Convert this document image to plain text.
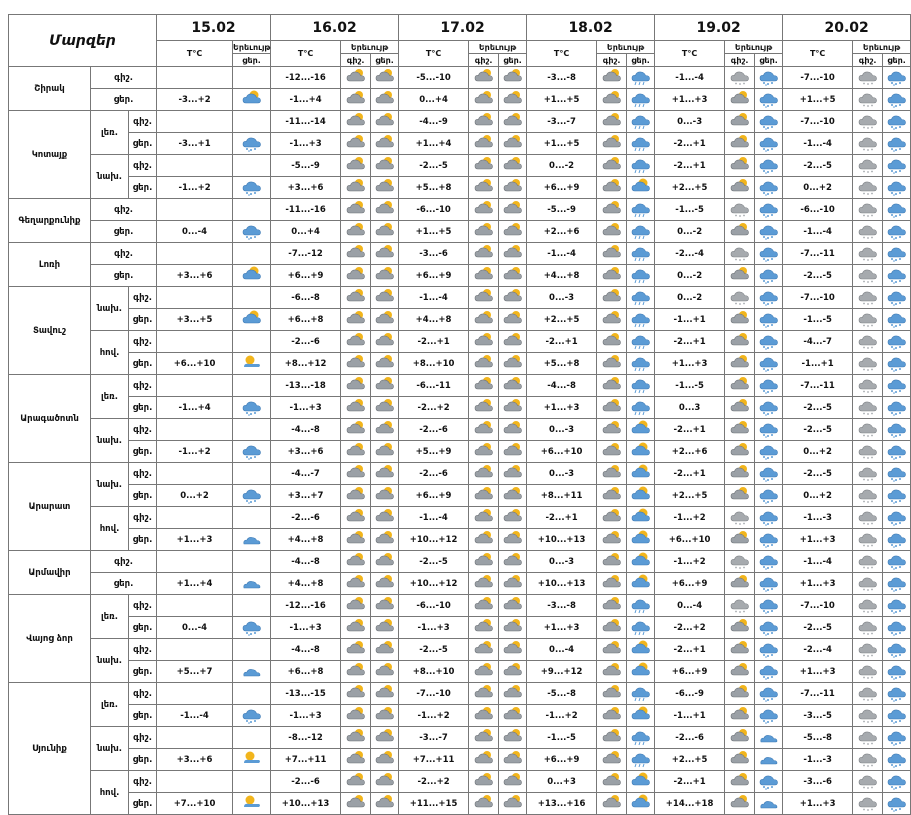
Մարզեր			15.02		16.02			17.02			18.02			19.02			20.02		
			T°C	Երեւույթ	T°C	Երեւույթ		T°C	Երեւույթ		T°C	Երեւույթ		T°C	Երեւույթ		T°C	Երեւույթ	
				ցեր.		գիշ.	ցեր.		գիշ.	ցեր.		գիշ.	ցեր.		գիշ.	ցեր.		գիշ.	ցեր.
Շիրակ	գիշ.				-12...-16			-5...-10			-3...-8			-1...-4			-7...-10		
	ցեր.		-3...+2		-1...+4			0...+4			+1...+5			+1...+3			+1...+5		
Կոտայք	լեռ.	գիշ.			-11...-14			-4...-9			-3...-7			0...-3			-7...-10		
		ցեր.	-3...+1		-1...+3			+1...+4			+1...+5			-2...+1			-1...-4		
	նախ.	գիշ.			-5...-9			-2...-5			0...-2			-2...+1			-2...-5		
		ցեր.	-1...+2		+3...+6			+5...+8			+6...+9			+2...+5			0...+2		
Գեղարքունիք	գիշ.				-11...-16			-6...-10			-5...-9			-1...-5			-6...-10		
	ցեր.		0...-4		0...+4			+1...+5			+2...+6			0...-2			-1...-4		
Լոռի	գիշ.				-7...-12			-3...-6			-1...-4			-2...-4			-7...-11		
	ցեր.		+3...+6		+6...+9			+6...+9			+4...+8			0...-2			-2...-5		
Տավուշ	նախ.	գիշ.			-6...-8			-1...-4			0...-3			0...-2			-7...-10		
		ցեր.	+3...+5		+6...+8			+4...+8			+2...+5			-1...+1			-1...-5		
	հով.	գիշ.			-2...-6			-2...+1			-2...+1			-2...+1			-4...-7		
		ցեր.	+6...+10		+8...+12			+8...+10			+5...+8			+1...+3			-1...+1		
Արագածոտն	լեռ.	գիշ.			-13...-18			-6...-11			-4...-8			-1...-5			-7...-11		
		ցեր.	-1...+4		-1...+3			-2...+2			+1...+3			0...3			-2...-5		
	նախ.	գիշ.			-4...-8			-2...-6			0...-3			-2...+1			-2...-5		
		ցեր.	-1...+2		+3...+6			+5...+9			+6...+10			+2...+6			0...+2		
Արարատ	նախ.	գիշ.			-4...-7			-2...-6			0...-3			-2...+1			-2...-5		
		ցեր.	0...+2		+3...+7			+6...+9			+8...+11			+2...+5			0...+2		
	հով.	գիշ.			-2...-6			-1...-4			-2...+1			-1...+2			-1...-3		
		ցեր.	+1...+3		+4...+8			+10...+12			+10...+13			+6...+10			+1...+3		
Արմավիր	գիշ.				-4...-8			-2...-5			0...-3			-1...+2			-1...-4		
	ցեր.		+1...+4		+4...+8			+10...+12			+10...+13			+6...+9			+1...+3		
Վայոց ձոր	լեռ.	գիշ.			-12...-16			-6...-10			-3...-8			0...-4			-7...-10		
		ցեր.	0...-4		-1...+3			-1...+3			+1...+3			-2...+2			-2...-5		
	նախ.	գիշ.			-4...-8			-2...-5			0...-4			-2...+1			-2...-4		
		ցեր.	+5...+7		+6...+8			+8...+10			+9...+12			+6...+9			+1...+3		
Սյունիք	լեռ.	գիշ.			-13...-15			-7...-10			-5...-8			-6...-9			-7...-11		
		ցեր.	-1...-4		-1...+3			-1...+2			-1...+2			-1...+1			-3...-5		
	նախ.	գիշ.			-8...-12			-3...-7			-1...-5			-2...-6			-5...-8		
		ցեր.	+3...+6		+7...+11			+7...+11			+6...+9			+2...+5			-1...-3		
	հով.	գիշ.			-2...-6			-2...+2			0...+3			-2...+1			-3...-6		
		ցեր.	+7...+10		+10...+13			+11...+15			+13...+16			+14...+18			+1...+3		
